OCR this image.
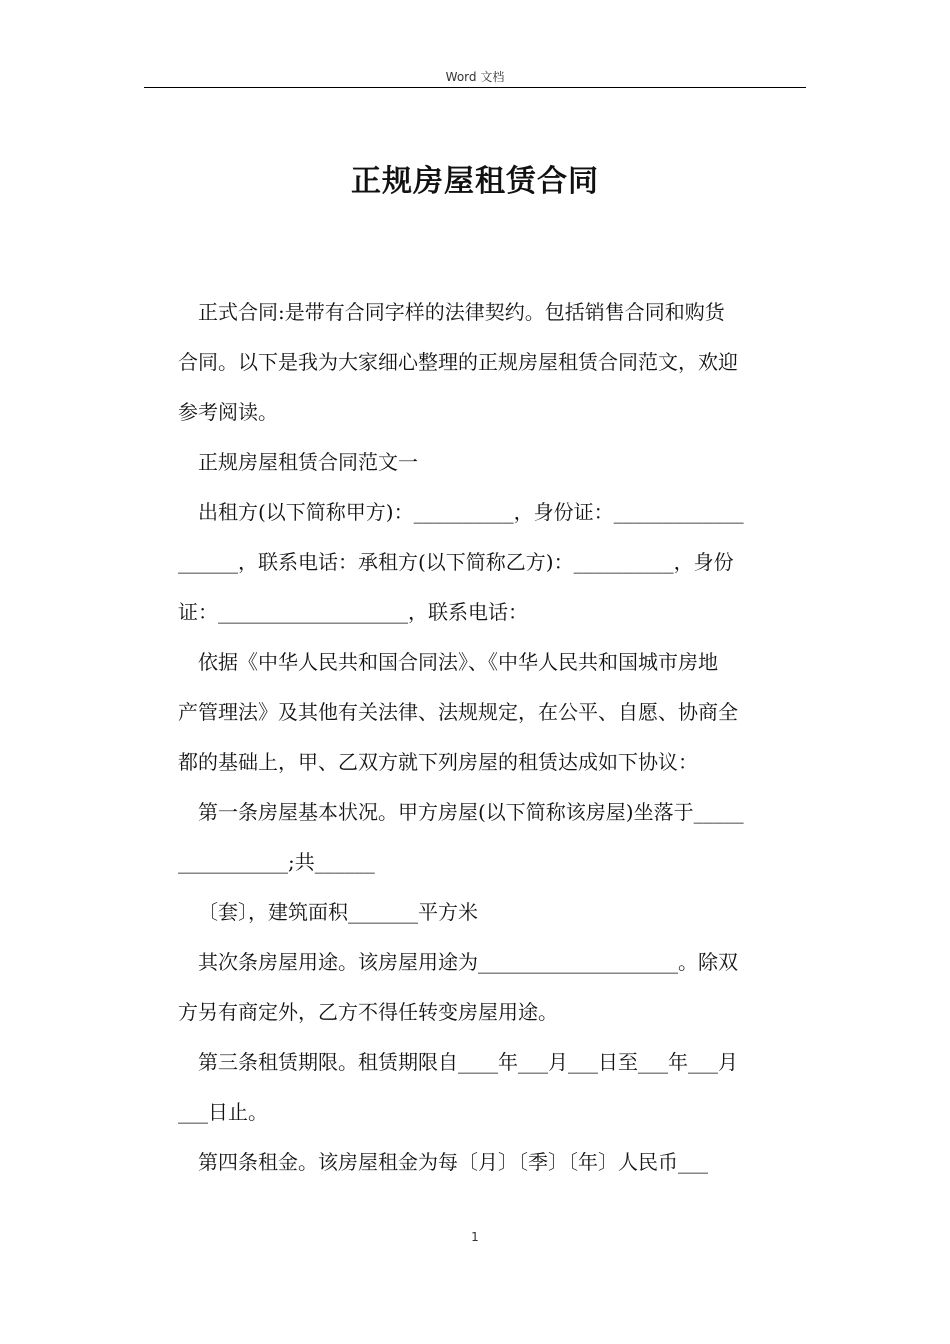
Word 文档
正规房屋租赁合同

正式合同:是带有合同字样的法律契约。包括销售合同和购货

合同。以下是我为大家细心整理的正规房屋租赁合同范文，欢迎

参考阅读。

正规房屋租赁合同范文一

出租方(以下简称甲方)：__________，身份证：_____________

______，联系电话：承租方(以下简称乙方)：__________，身份

证：___________________，联系电话：

依据《中华人民共和国合同法》、《中华人民共和国城市房地

产管理法》及其他有关法律、法规规定，在公平、自愿、协商全

都的基础上，甲、乙双方就下列房屋的租赁达成如下协议：

第一条房屋基本状况。甲方房屋(以下简称该房屋)坐落于_____

___________;共______

〔套〕，建筑面积_______平方米

其次条房屋用途。该房屋用途为____________________。除双

方另有商定外，乙方不得任转变房屋用途。

第三条租赁期限。租赁期限自____年___月___日至___年___月

___日止。

第四条租金。该房屋租金为每〔月〕〔季〕〔年〕人民币___

1
